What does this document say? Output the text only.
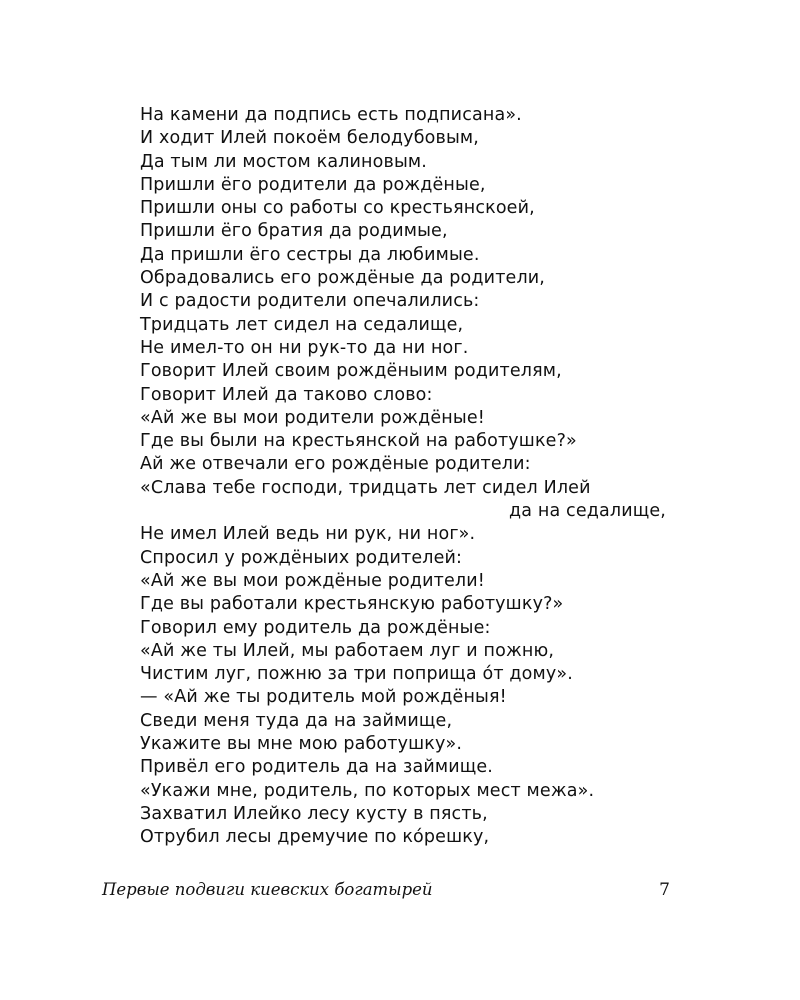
На камени да подпись есть подписана».
И ходит Илей покоём белодубовым,
Да тым ли мостом калиновым.
Пришли ёго родители да рождёные,
Пришли оны со работы со крестьянскоей,
Пришли ёго братия да родимые,
Да пришли ёго сестры да любимые.
Обрадовались его рождёные да родители,
И с радости родители опечалились:
Тридцать лет сидел на седалище,
Не имел-то он ни рук-то да ни ног.
Говорит Илей своим рождёныим родителям,
Говорит Илей да таково слово:
«Ай же вы мои родители рождёные!
Где вы были на крестьянской на работушке?»
Ай же отвечали его рождёные родители:
«Слава тебе господи, тридцать лет сидел Илей
да на седалище,
Не имел Илей ведь ни рук, ни ног».
Спросил у рождёныих родителей:
«Ай же вы мои рождёные родители!
Где вы работали крестьянскую работушку?»
Говорил ему родитель да рождёные:
«Ай же ты Илей, мы работаем луг и пожню,
Чистим луг, пожню за три поприща о́т дому».
— «Ай же ты родитель мой рождёныя!
Сведи меня туда да на займище,
Укажите вы мне мою работушку».
Привёл его родитель да на займище.
«Укажи мне, родитель, по которых мест межа».
Захватил Илейко лесу кусту в пясть,
Отрубил лесы дремучие по ко́решку,
Первые подвиги киевских богатырей	7
